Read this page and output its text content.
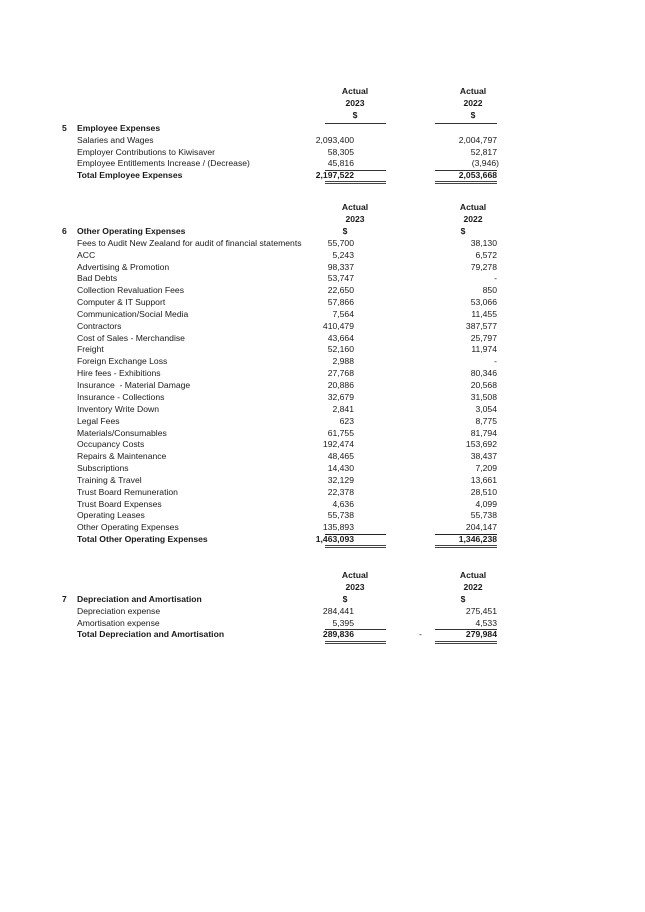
Actual
2023
$
Actual
2022
$
5 Employee Expenses
Salaries and Wages	2,093,400	2,004,797
Employer Contributions to Kiwisaver	58,305	52,817
Employee Entitlements Increase / (Decrease)	45,816	(3,946)
Total Employee Expenses	2,197,522	2,053,668
Actual
2023
$
Actual
2022
$
6 Other Operating Expenses
Fees to Audit New Zealand for audit of financial statements	55,700	38,130
ACC	5,243	6,572
Advertising & Promotion	98,337	79,278
Bad Debts	53,747	-
Collection Revaluation Fees	22,650	850
Computer & IT Support	57,866	53,066
Communication/Social Media	7,564	11,455
Contractors	410,479	387,577
Cost of Sales - Merchandise	43,664	25,797
Freight	52,160	11,974
Foreign Exchange Loss	2,988	-
Hire fees - Exhibitions	27,768	80,346
Insurance  - Material Damage	20,886	20,568
Insurance - Collections	32,679	31,508
Inventory Write Down	2,841	3,054
Legal Fees	623	8,775
Materials/Consumables	61,755	81,794
Occupancy Costs	192,474	153,692
Repairs & Maintenance	48,465	38,437
Subscriptions	14,430	7,209
Training & Travel	32,129	13,661
Trust Board Remuneration	22,378	28,510
Trust Board Expenses	4,636	4,099
Operating Leases	55,738	55,738
Other Operating Expenses	135,893	204,147
Total Other Operating Expenses	1,463,093	1,346,238
Actual
2023
$
Actual
2022
$
7 Depreciation and Amortisation
Depreciation expense	284,441	275,451
Amortisation expense	5,395	4,533
Total Depreciation and Amortisation	289,836	-	279,984
